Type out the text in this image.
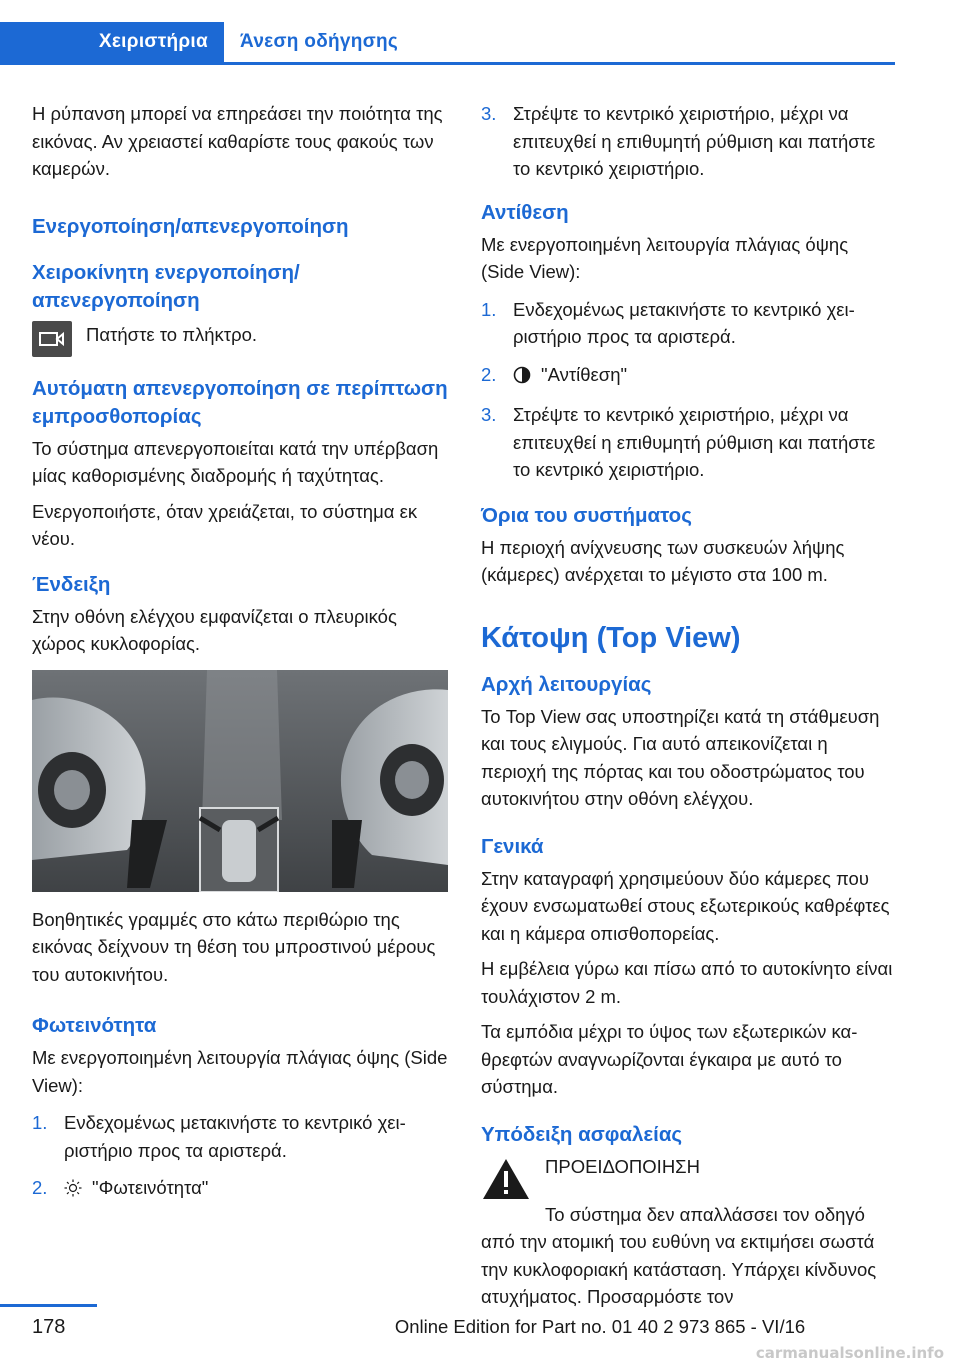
Χειριστήρια	Άνεση οδήγησης

Η ρύπανση μπορεί να επηρεάσει την ποιότητα της εικόνας. Αν χρειαστεί καθαρίστε τους φακούς των καμερών.

Ενεργοποίηση/απενεργοποίηση
Χειροκίνητη ενεργοποίηση/ απενεργοποίηση

Πατήστε το πλήκτρο.

Αυτόματη απενεργοποίηση σε περίπτωση εμπροσθοπορίας

Το σύστημα απενεργοποιείται κατά την υπέρβαση μίας καθορισμένης διαδρομής ή ταχύτητας.

Ενεργοποιήστε, όταν χρειάζεται, το σύστημα εκ νέου.

Ένδειξη

Στην οθόνη ελέγχου εμφανίζεται ο πλευρικός χώρος κυκλοφορίας.

Βοηθητικές γραμμές στο κάτω περιθώριο της εικόνας δείχνουν τη θέση του μπροστινού μέρους του αυτοκινήτου.

Φωτεινότητα

Με ενεργοποιημένη λειτουργία πλάγιας όψης (Side View):

1. Ενδεχομένως μετακινήστε το κεντρικό χειριστήριο προς τα αριστερά.
2. "Φωτεινότητα"
3. Στρέψτε το κεντρικό χειριστήριο, μέχρι να επιτευχθεί η επιθυμητή ρύθμιση και πατήστε το κεντρικό χειριστήριο.
Αντίθεση

Με ενεργοποιημένη λειτουργία πλάγιας όψης (Side View):

1. Ενδεχομένως μετακινήστε το κεντρικό χειριστήριο προς τα αριστερά.
2. "Αντίθεση"
3. Στρέψτε το κεντρικό χειριστήριο, μέχρι να επιτευχθεί η επιθυμητή ρύθμιση και πατήστε το κεντρικό χειριστήριο.
Όρια του συστήματος

Η περιοχή ανίχνευσης των συσκευών λήψης (κάμερες) ανέρχεται το μέγιστο στα 100 m.

Κάτοψη (Top View)
Αρχή λειτουργίας

Το Top View σας υποστηρίζει κατά τη στάθμευση και τους ελιγμούς. Για αυτό απεικονίζεται η περιοχή της πόρτας και του οδοστρώματος του αυτοκινήτου στην οθόνη ελέγχου.

Γενικά

Στην καταγραφή χρησιμεύουν δύο κάμερες που έχουν ενσωματωθεί στους εξωτερικούς καθρέφτες και η κάμερα οπισθοπορείας.

Η εμβέλεια γύρω και πίσω από το αυτοκίνητο είναι τουλάχιστον 2 m.

Τα εμπόδια μέχρι το ύψος των εξωτερικών καθρεφτών αναγνωρίζονται έγκαιρα με αυτό το σύστημα.

Υπόδειξη ασφαλείας

ΠΡΟΕΙΔΟΠΟΙΗΣΗ

Το σύστημα δεν απαλλάσσει τον οδηγό από την ατομική του ευθύνη να εκτιμήσει σωστά την κυκλοφοριακή κατάσταση. Υπάρχει κίνδυνος ατυχήματος. Προσαρμόστε τον

178	Online Edition for Part no. 01 40 2 973 865 - VI/16
carmanualsonline.info
